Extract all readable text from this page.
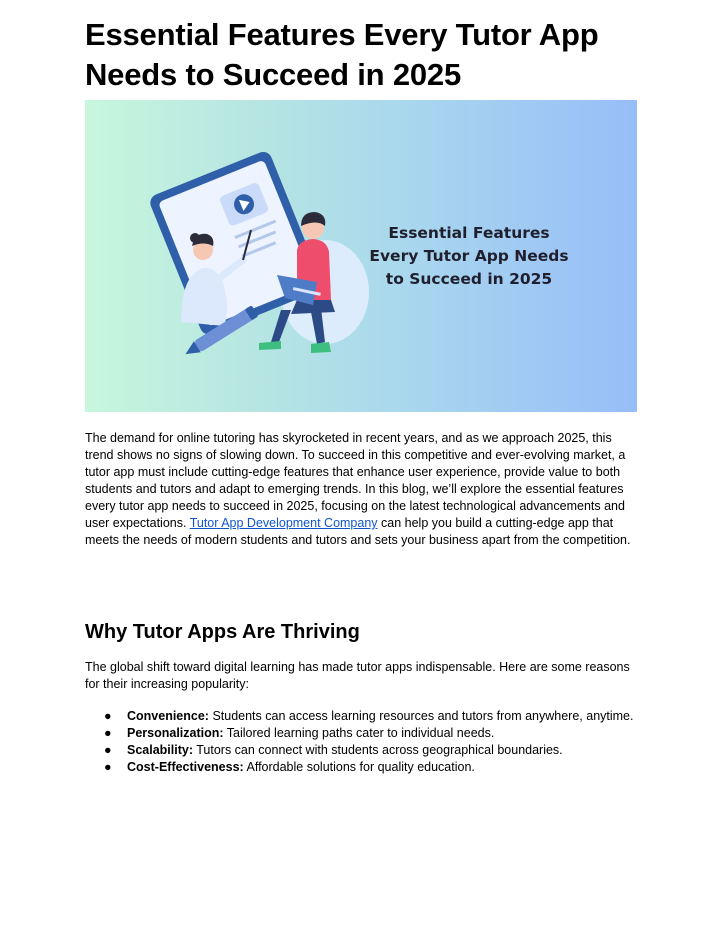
Essential Features Every Tutor App Needs to Succeed in 2025
Essential Features
Every Tutor App Needs
to Succeed in 2025

The demand for online tutoring has skyrocketed in recent years, and as we approach 2025, this trend shows no signs of slowing down. To succeed in this competitive and ever-evolving market, a tutor app must include cutting-edge features that enhance user experience, provide value to both students and tutors and adapt to emerging trends. In this blog, we’ll explore the essential features every tutor app needs to succeed in 2025, focusing on the latest technological advancements and user expectations. Tutor App Development Company can help you build a cutting-edge app that meets the needs of modern students and tutors and sets your business apart from the competition.

Why Tutor Apps Are Thriving

The global shift toward digital learning has made tutor apps indispensable. Here are some reasons for their increasing popularity:

● Convenience: Students can access learning resources and tutors from anywhere, anytime.
● Personalization: Tailored learning paths cater to individual needs.
● Scalability: Tutors can connect with students across geographical boundaries.
● Cost-Effectiveness: Affordable solutions for quality education.
